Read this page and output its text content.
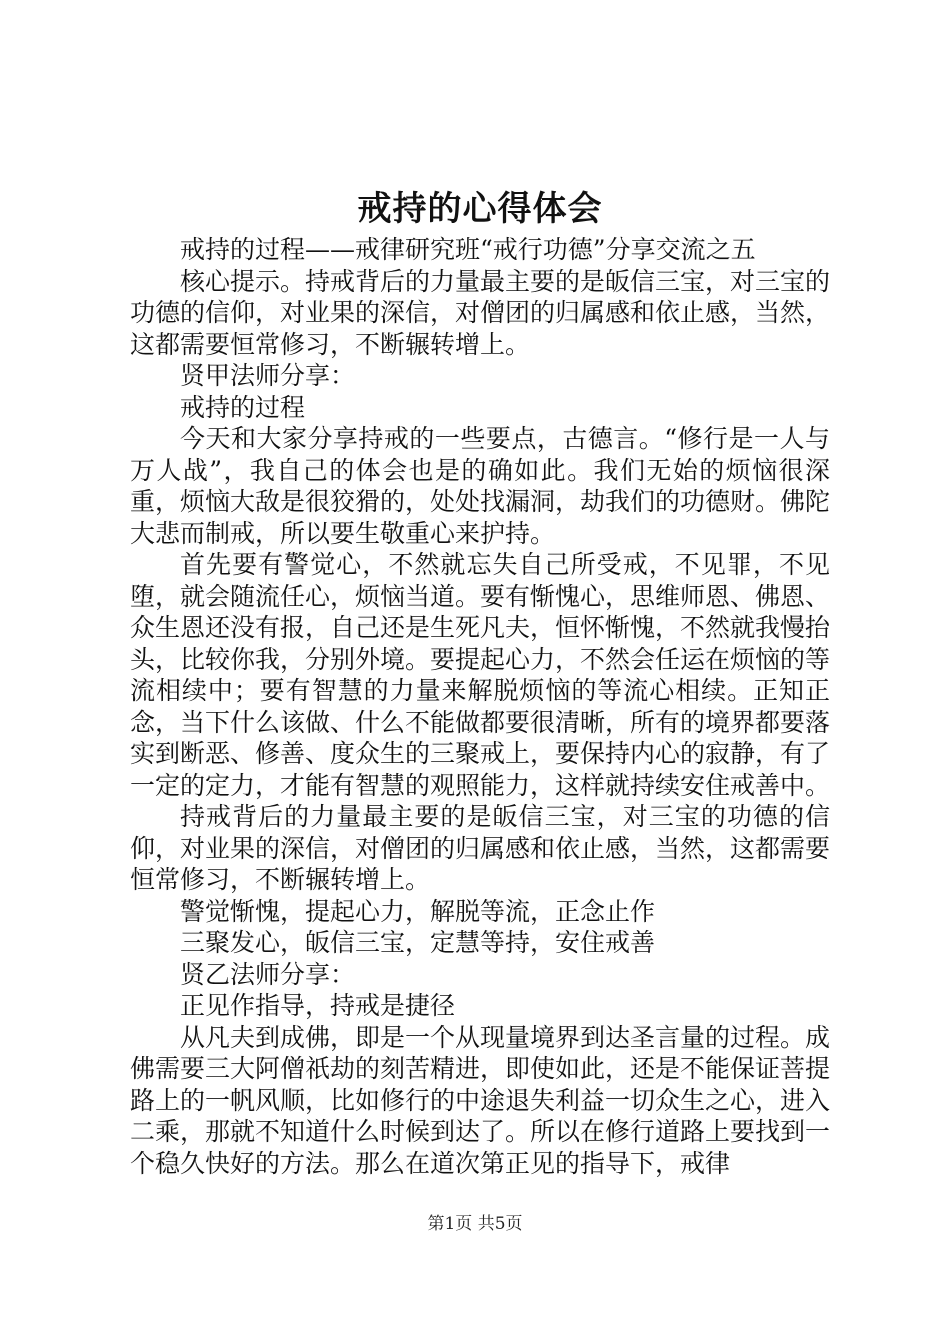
戒持的心得体会

戒持的过程——戒律研究班“戒行功德”分享交流之五

核心提示。持戒背后的力量最主要的是皈信三宝，对三宝的功德的信仰，对业果的深信，对僧团的归属感和依止感，当然，这都需要恒常修习，不断辗转增上。

贤甲法师分享：

戒持的过程

今天和大家分享持戒的一些要点，古德言。“修行是一人与万人战”，我自己的体会也是的确如此。我们无始的烦恼很深重，烦恼大敌是很狡猾的，处处找漏洞，劫我们的功德财。佛陀大悲而制戒，所以要生敬重心来护持。

首先要有警觉心，不然就忘失自己所受戒，不见罪，不见堕，就会随流任心，烦恼当道。要有惭愧心，思维师恩、佛恩、众生恩还没有报，自己还是生死凡夫，恒怀惭愧，不然就我慢抬头，比较你我，分别外境。要提起心力，不然会任运在烦恼的等流相续中；要有智慧的力量来解脱烦恼的等流心相续。正知正念，当下什么该做、什么不能做都要很清晰，所有的境界都要落实到断恶、修善、度众生的三聚戒上，要保持内心的寂静，有了一定的定力，才能有智慧的观照能力，这样就持续安住戒善中。

持戒背后的力量最主要的是皈信三宝，对三宝的功德的信仰，对业果的深信，对僧团的归属感和依止感，当然，这都需要恒常修习，不断辗转增上。

警觉惭愧，提起心力，解脱等流，正念止作

三聚发心，皈信三宝，定慧等持，安住戒善

贤乙法师分享：

正见作指导，持戒是捷径

从凡夫到成佛，即是一个从现量境界到达圣言量的过程。成佛需要三大阿僧祇劫的刻苦精进，即使如此，还是不能保证菩提路上的一帆风顺，比如修行的中途退失利益一切众生之心，进入二乘，那就不知道什么时候到达了。所以在修行道路上要找到一个稳久快好的方法。那么在道次第正见的指导下，戒律

第1页 共5页
